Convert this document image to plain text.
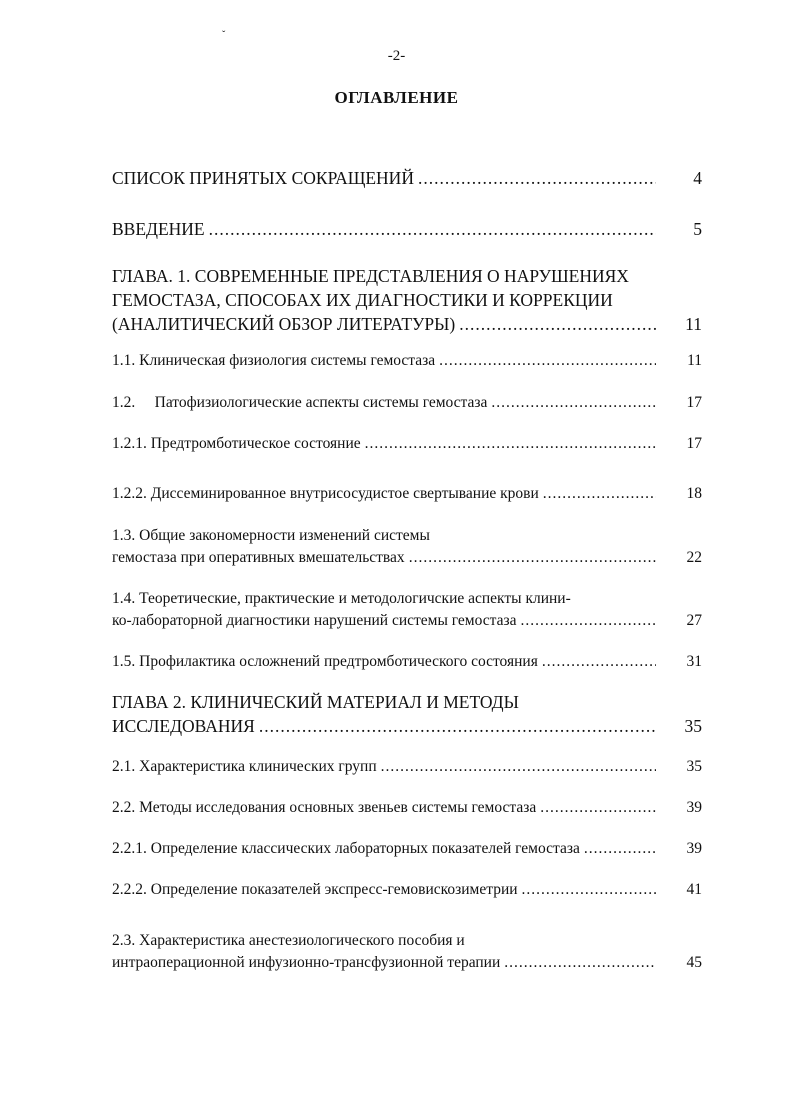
ˇ
-2-
ОГЛАВЛЕНИЕ
СПИСОК ПРИНЯТЫХ СОКРАЩЕНИЙ .....	4
ВВЕДЕНИЕ .....	5
ГЛАВА. 1. СОВРЕМЕННЫЕ ПРЕДСТАВЛЕНИЯ О НАРУШЕНИЯХ
ГЕМОСТАЗА, СПОСОБАХ ИХ ДИАГНОСТИКИ И КОРРЕКЦИИ
(АНАЛИТИЧЕСКИЙ ОБЗОР ЛИТЕРАТУРЫ) .....	11
1.1. Клиническая физиология системы гемостаза .....	11
1.2.     Патофизиологические аспекты системы гемостаза .....	17
1.2.1. Предтромботическое состояние .....	17
1.2.2. Диссеминированное внутрисосудистое свертывание крови .....	18
1.3. Общие закономерности изменений системы
гемостаза при оперативных вмешательствах .....	22
1.4. Теоретические, практические и методологичские аспекты клини-
ко-лабораторной диагностики нарушений системы гемостаза .....	27
1.5. Профилактика осложнений предтромботического состояния .....	31
ГЛАВА 2. КЛИНИЧЕСКИЙ МАТЕРИАЛ И МЕТОДЫ
ИССЛЕДОВАНИЯ .....	35
2.1. Характеристика клинических групп .....	35
2.2. Методы исследования основных звеньев системы гемостаза .....	39
2.2.1. Определение классических лабораторных показателей гемостаза .....	39
2.2.2. Определение показателей экспресс-гемовискозиметрии .....	41
2.3. Характеристика анестезиологического пособия и
интраоперационной инфузионно-трансфузионной терапии .....	45
